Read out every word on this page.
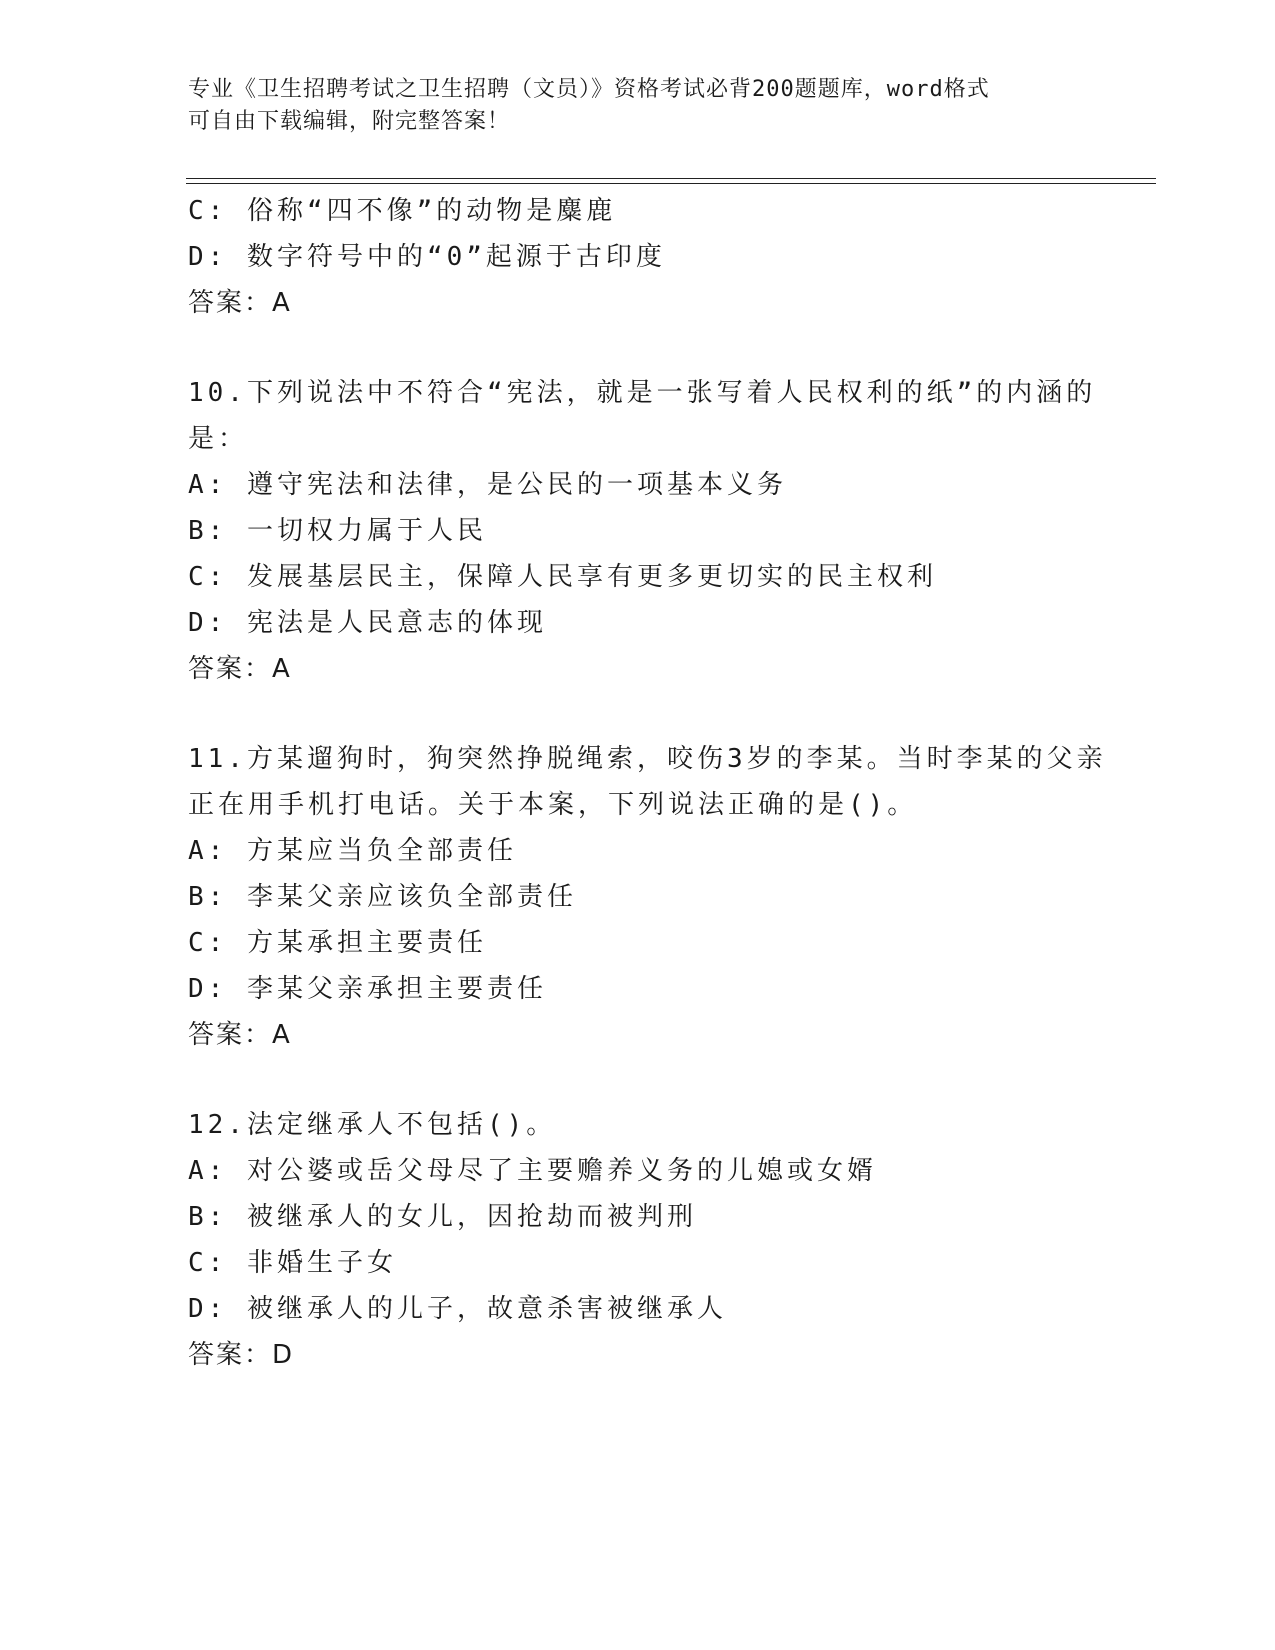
专业《卫生招聘考试之卫生招聘（文员）》资格考试必背200题题库，word格式
可自由下载编辑，附完整答案！
C: 俗称“四不像”的动物是麋鹿
D: 数字符号中的“0”起源于古印度
答案：A
10.下列说法中不符合“宪法，就是一张写着人民权利的纸”的内涵的
是：
A: 遵守宪法和法律，是公民的一项基本义务
B: 一切权力属于人民
C: 发展基层民主，保障人民享有更多更切实的民主权利
D: 宪法是人民意志的体现
答案：A
11.方某遛狗时，狗突然挣脱绳索，咬伤3岁的李某。当时李某的父亲
正在用手机打电话。关于本案，下列说法正确的是()。
A: 方某应当负全部责任
B: 李某父亲应该负全部责任
C: 方某承担主要责任
D: 李某父亲承担主要责任
答案：A
12.法定继承人不包括()。
A: 对公婆或岳父母尽了主要赡养义务的儿媳或女婿
B: 被继承人的女儿，因抢劫而被判刑
C: 非婚生子女
D: 被继承人的儿子，故意杀害被继承人
答案：D
